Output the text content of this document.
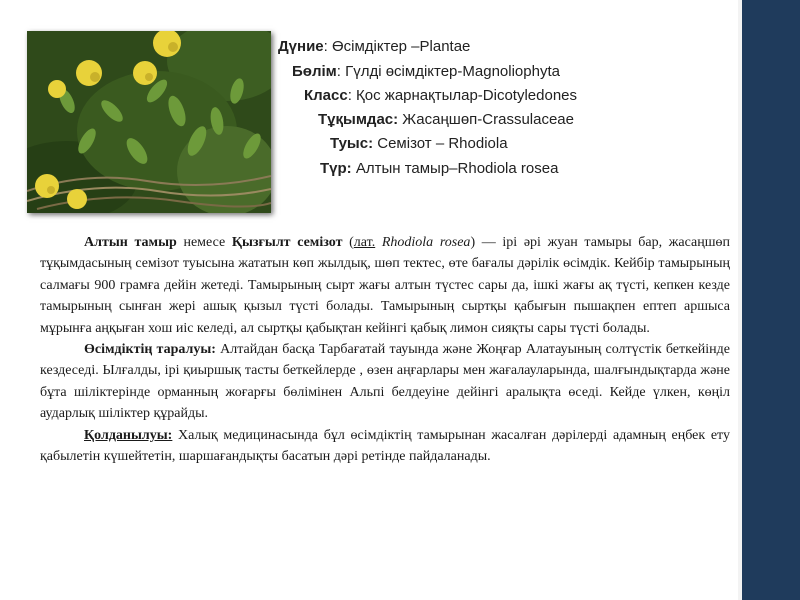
Дүние: Өсімдіктер –Plantae
Бөлім: Гүлді өсімдіктер-Magnoliophyta
Класс: Қос жарнақтылар-Dicotyledones
Тұқымдас: Жасаңшөп-Crassulaceae
Туыс: Семізот – Rhodiola
Түр: Алтын тамыр–Rhodiola rosea

Алтын тамыр немесе Қызғылт семізот (лат. Rhodiola rosea) — ірі әрі жуан тамыры бар, жасаңшөп тұқымдасының семізот туысына жататын көп жылдық, шөп тектес, өте бағалы дәрілік өсімдік. Кейбір тамырының салмағы 900 грамға дейін жетеді. Тамырының сырт жағы алтын түстес сары да, ішкі жағы ақ түсті, кепкен кезде тамырының сынған жері ашық қызыл түсті болады. Тамырының сыртқы қабығын пышақпен ептеп аршыса мұрынға аңқыған хош иіс келеді, ал сыртқы қабықтан кейінгі қабық лимон сияқты сары түсті болады.

Өсімдіктің таралуы: Алтайдан басқа Тарбағатай тауында және Жоңғар Алатауының солтүстік беткейінде кездеседі. Ылғалды, ірі қиыршық тасты беткейлерде , өзен аңғарлары мен жағалауларында, шалғындықтарда және бұта шiлiктерiнде орманның жоғарғы бөлiмiнен Альпi белдеуiне дейiнгi аралықта өседi. Кейде үлкен, көңіл аударлық шiлiктер құрайды.

Қолданылуы: Халық медицинасында бұл өсімдіктің тамырынан жасалған дәрілерді адамның еңбек ету қабылетін күшейтетін, шаршағандықты басатын дәрі ретінде пайдаланады.
